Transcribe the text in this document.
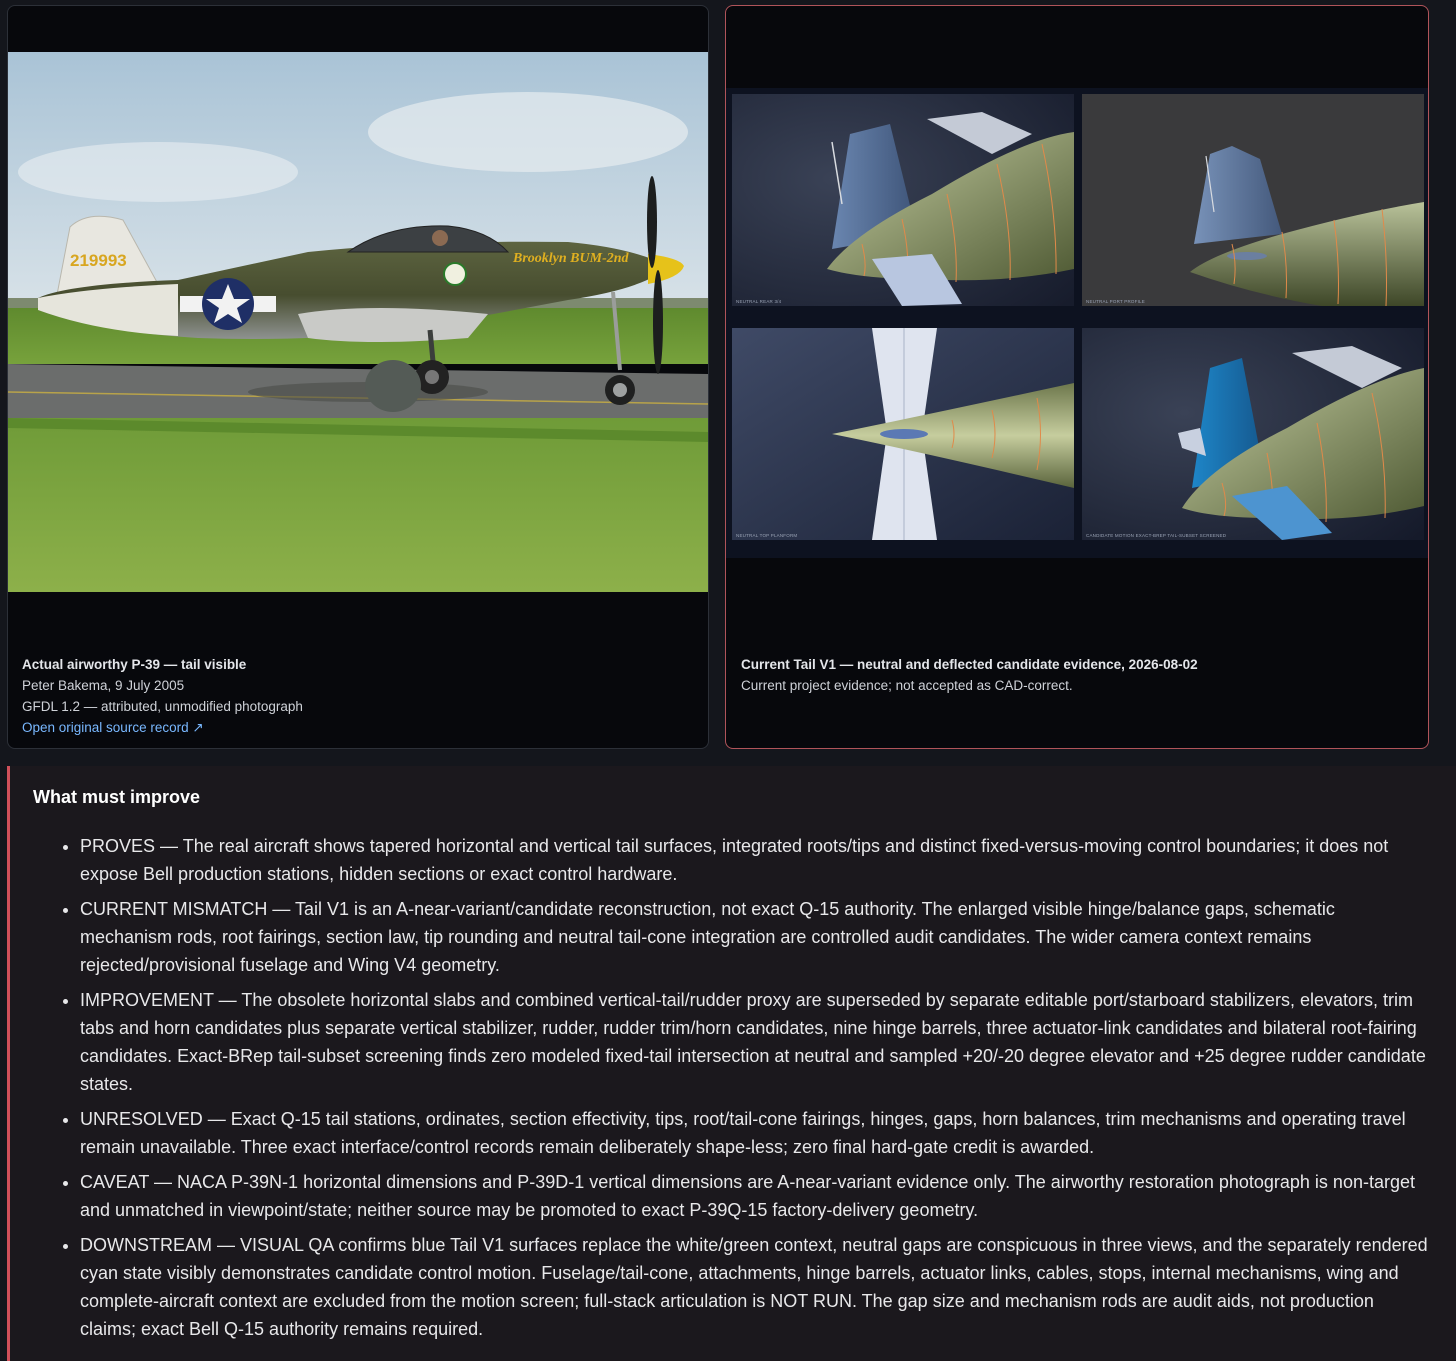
219993	Brooklyn BUM-2nd
Actual airworthy P-39 — tail visible
Peter Bakema, 9 July 2005
GFDL 1.2 — attributed, unmodified photograph
Open original source record ↗
NEUTRAL REAR 3/4	NEUTRAL PORT PROFILE
NEUTRAL TOP PLANFORM	CANDIDATE MOTION EXACT-BREP TAIL-SUBSET SCREENED
Current Tail V1 — neutral and deflected candidate evidence, 2026-08-02
Current project evidence; not accepted as CAD-correct.
What must improve
• PROVES — The real aircraft shows tapered horizontal and vertical tail surfaces, integrated roots/tips and distinct fixed-versus-moving control boundaries; it does not expose Bell production stations, hidden sections or exact control hardware.
• CURRENT MISMATCH — Tail V1 is an A-near-variant/candidate reconstruction, not exact Q-15 authority. The enlarged visible hinge/balance gaps, schematic mechanism rods, root fairings, section law, tip rounding and neutral tail-cone integration are controlled audit candidates. The wider camera context remains rejected/provisional fuselage and Wing V4 geometry.
• IMPROVEMENT — The obsolete horizontal slabs and combined vertical-tail/rudder proxy are superseded by separate editable port/starboard stabilizers, elevators, trim tabs and horn candidates plus separate vertical stabilizer, rudder, rudder trim/horn candidates, nine hinge barrels, three actuator-link candidates and bilateral root-fairing candidates. Exact-BRep tail-subset screening finds zero modeled fixed-tail intersection at neutral and sampled +20/-20 degree elevator and +25 degree rudder candidate states.
• UNRESOLVED — Exact Q-15 tail stations, ordinates, section effectivity, tips, root/tail-cone fairings, hinges, gaps, horn balances, trim mechanisms and operating travel remain unavailable. Three exact interface/control records remain deliberately shape-less; zero final hard-gate credit is awarded.
• CAVEAT — NACA P-39N-1 horizontal dimensions and P-39D-1 vertical dimensions are A-near-variant evidence only. The airworthy restoration photograph is non-target and unmatched in viewpoint/state; neither source may be promoted to exact P-39Q-15 factory-delivery geometry.
• DOWNSTREAM — VISUAL QA confirms blue Tail V1 surfaces replace the white/green context, neutral gaps are conspicuous in three views, and the separately rendered cyan state visibly demonstrates candidate control motion. Fuselage/tail-cone, attachments, hinge barrels, actuator links, cables, stops, internal mechanisms, wing and complete-aircraft context are excluded from the motion screen; full-stack articulation is NOT RUN. The gap size and mechanism rods are audit aids, not production claims; exact Bell Q-15 authority remains required.
